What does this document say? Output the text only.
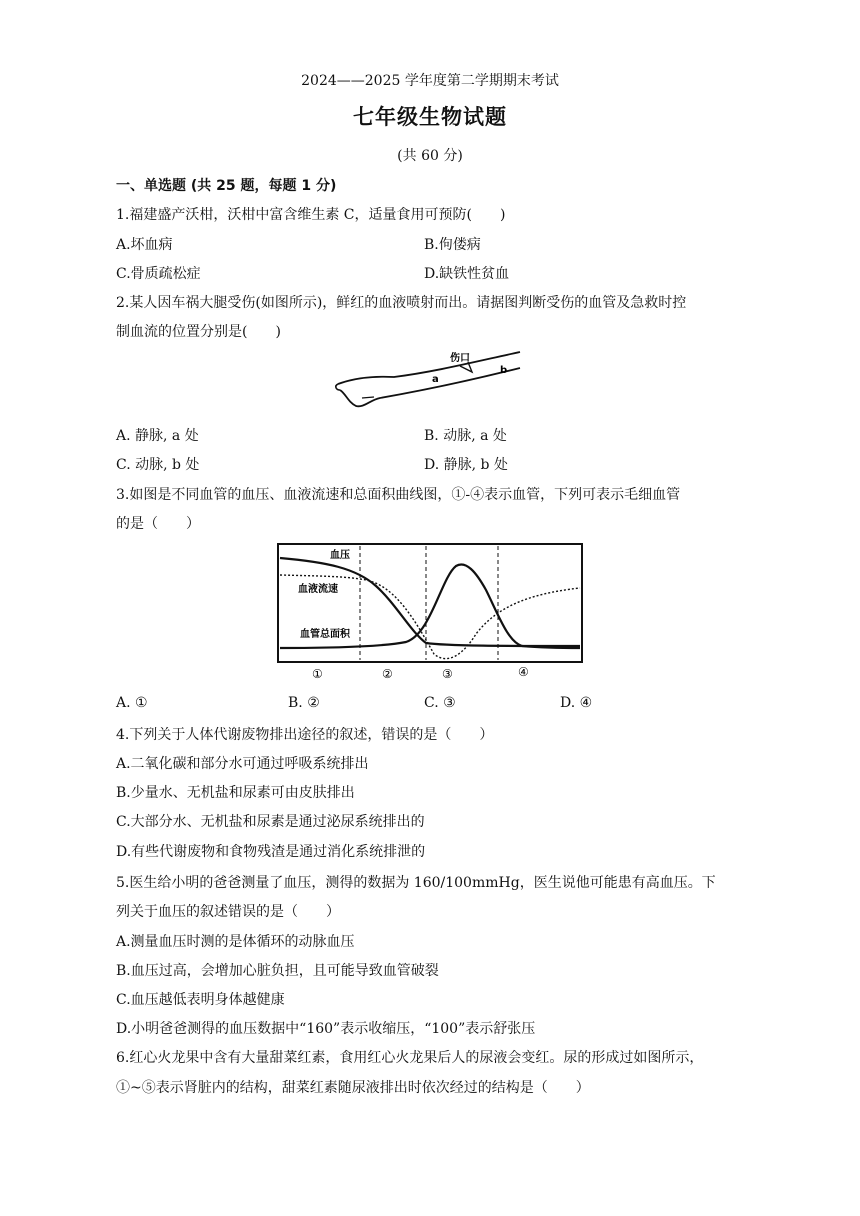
2024——2025 学年度第二学期期末考试
七年级生物试题
(共 60 分)
一、单选题 (共 25 题，每题 1 分)
1.福建盛产沃柑，沃柑中富含维生素 C，适量食用可预防(　　)
A.坏血病	B.佝偻病
C.骨质疏松症	D.缺铁性贫血
2.某人因车祸大腿受伤(如图所示)，鲜红的血液喷射而出。请据图判断受伤的血管及急救时控
制血流的位置分别是(　　)
伤口
a
b
A. 静脉, a 处	B. 动脉, a 处
C. 动脉, b 处	D. 静脉, b 处
3.如图是不同血管的血压、血液流速和总面积曲线图，①-④表示血管，下列可表示毛细血管
的是（　　）
血压
血液流速
血管总面积
①	②	③	④
A. ①	B. ②	C. ③	D. ④
4.下列关于人体代谢废物排出途径的叙述，错误的是（　　）
A.二氧化碳和部分水可通过呼吸系统排出
B.少量水、无机盐和尿素可由皮肤排出
C.大部分水、无机盐和尿素是通过泌尿系统排出的
D.有些代谢废物和食物残渣是通过消化系统排泄的
5.医生给小明的爸爸测量了血压，测得的数据为 160/100mmHg，医生说他可能患有高血压。下
列关于血压的叙述错误的是（　　）
A.测量血压时测的是体循环的动脉血压
B.血压过高，会增加心脏负担，且可能导致血管破裂
C.血压越低表明身体越健康
D.小明爸爸测得的血压数据中“160”表示收缩压，“100”表示舒张压
6.红心火龙果中含有大量甜菜红素，食用红心火龙果后人的尿液会变红。尿的形成过如图所示，
①~⑤表示肾脏内的结构，甜菜红素随尿液排出时依次经过的结构是（　　）
